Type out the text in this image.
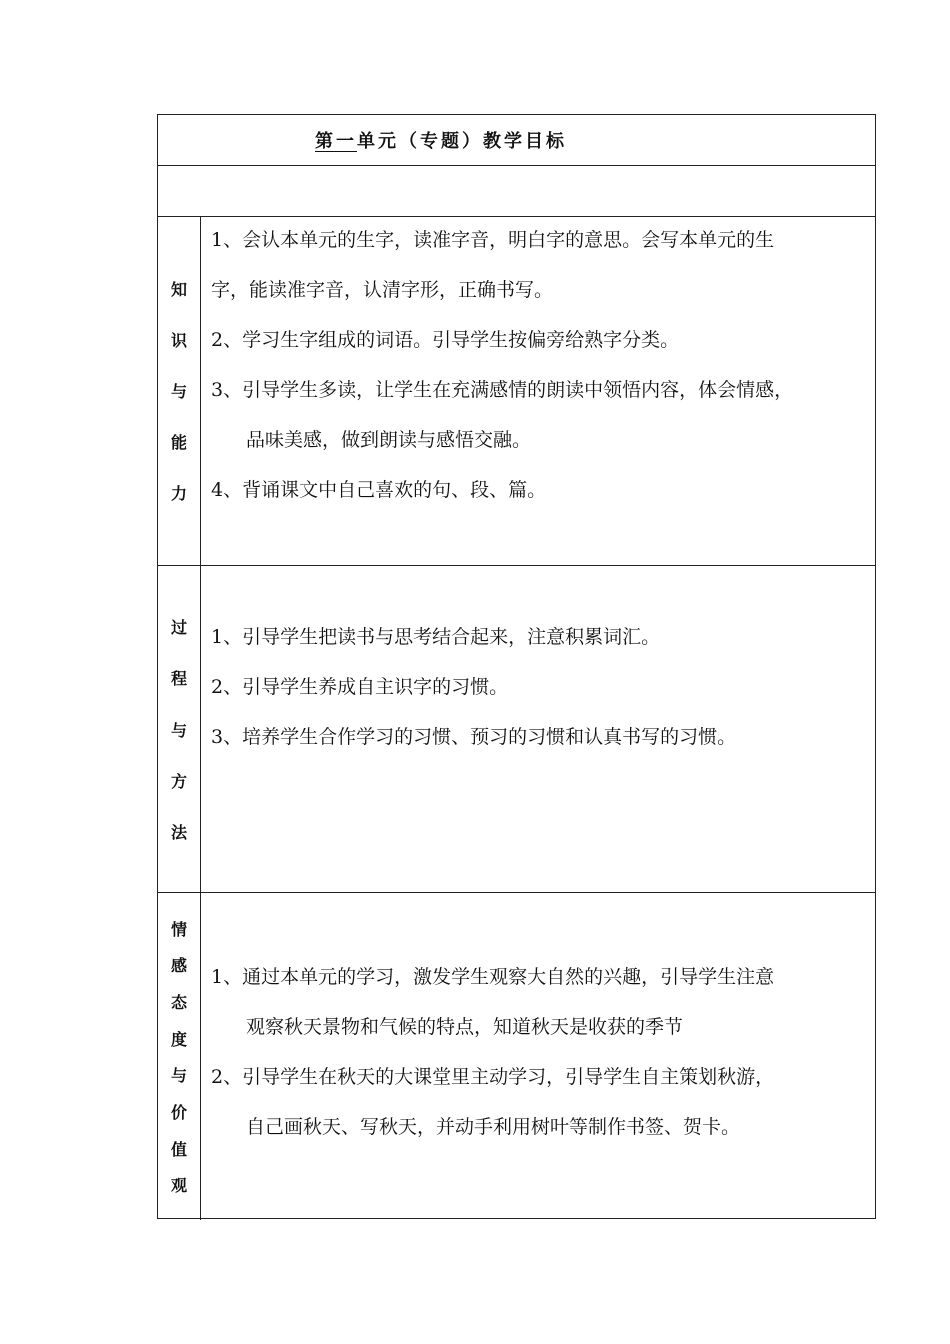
第一单元（专题）教学目标
知
识
与
能
力
1、会认本单元的生字，读准字音，明白字的意思。会写本单元的生
字，能读准字音，认清字形，正确书写。
2、学习生字组成的词语。引导学生按偏旁给熟字分类。
3、引导学生多读，让学生在充满感情的朗读中领悟内容，体会情感，
品味美感，做到朗读与感悟交融。
4、背诵课文中自己喜欢的句、段、篇。
过
程
与
方
法
1、引导学生把读书与思考结合起来，注意积累词汇。
2、引导学生养成自主识字的习惯。
3、培养学生合作学习的习惯、预习的习惯和认真书写的习惯。
情
感
态
度
与
价
值
观
1、通过本单元的学习，激发学生观察大自然的兴趣，引导学生注意
观察秋天景物和气候的特点，知道秋天是收获的季节
2、引导学生在秋天的大课堂里主动学习，引导学生自主策划秋游，
自己画秋天、写秋天，并动手利用树叶等制作书签、贺卡。
